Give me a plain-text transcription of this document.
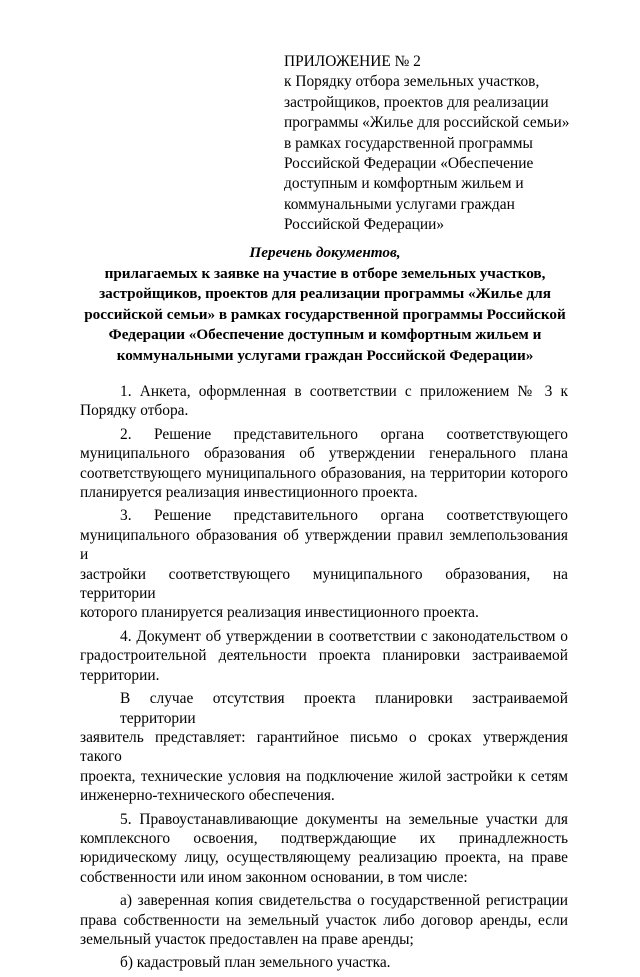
ПРИЛОЖЕНИЕ № 2
к Порядку отбора земельных участков,
застройщиков, проектов для реализации
программы «Жилье для российской семьи»
в рамках государственной программы
Российской Федерации «Обеспечение
доступным и комфортным жильем и
коммунальными услугами граждан
Российской Федерации»
Перечень документов,
прилагаемых к заявке на участие в отборе земельных участков,
застройщиков, проектов для реализации программы «Жилье для
российской семьи» в рамках государственной программы Российской
Федерации «Обеспечение доступным и комфортным жильем и
коммунальными услугами граждан Российской Федерации»
1. Анкета, оформленная в соответствии с приложением № 3 к
Порядку отбора.
2. Решение представительного органа соответствующего
муниципального образования об утверждении генерального плана
соответствующего муниципального образования, на территории которого
планируется реализация инвестиционного проекта.
3. Решение представительного органа соответствующего
муниципального образования об утверждении правил землепользования и
застройки соответствующего муниципального образования, на территории
которого планируется реализация инвестиционного проекта.
4. Документ об утверждении в соответствии с законодательством о
градостроительной деятельности проекта планировки застраиваемой
территории.
В случае отсутствия проекта планировки застраиваемой территории
заявитель представляет: гарантийное письмо о сроках утверждения такого
проекта, технические условия на подключение жилой застройки к сетям
инженерно-технического обеспечения.
5. Правоустанавливающие документы на земельные участки для
комплексного освоения, подтверждающие их принадлежность
юридическому лицу, осуществляющему реализацию проекта, на праве
собственности или ином законном основании, в том числе:
а) заверенная копия свидетельства о государственной регистрации
права собственности на земельный участок либо договор аренды, если
земельный участок предоставлен на праве аренды;
б) кадастровый план земельного участка.
